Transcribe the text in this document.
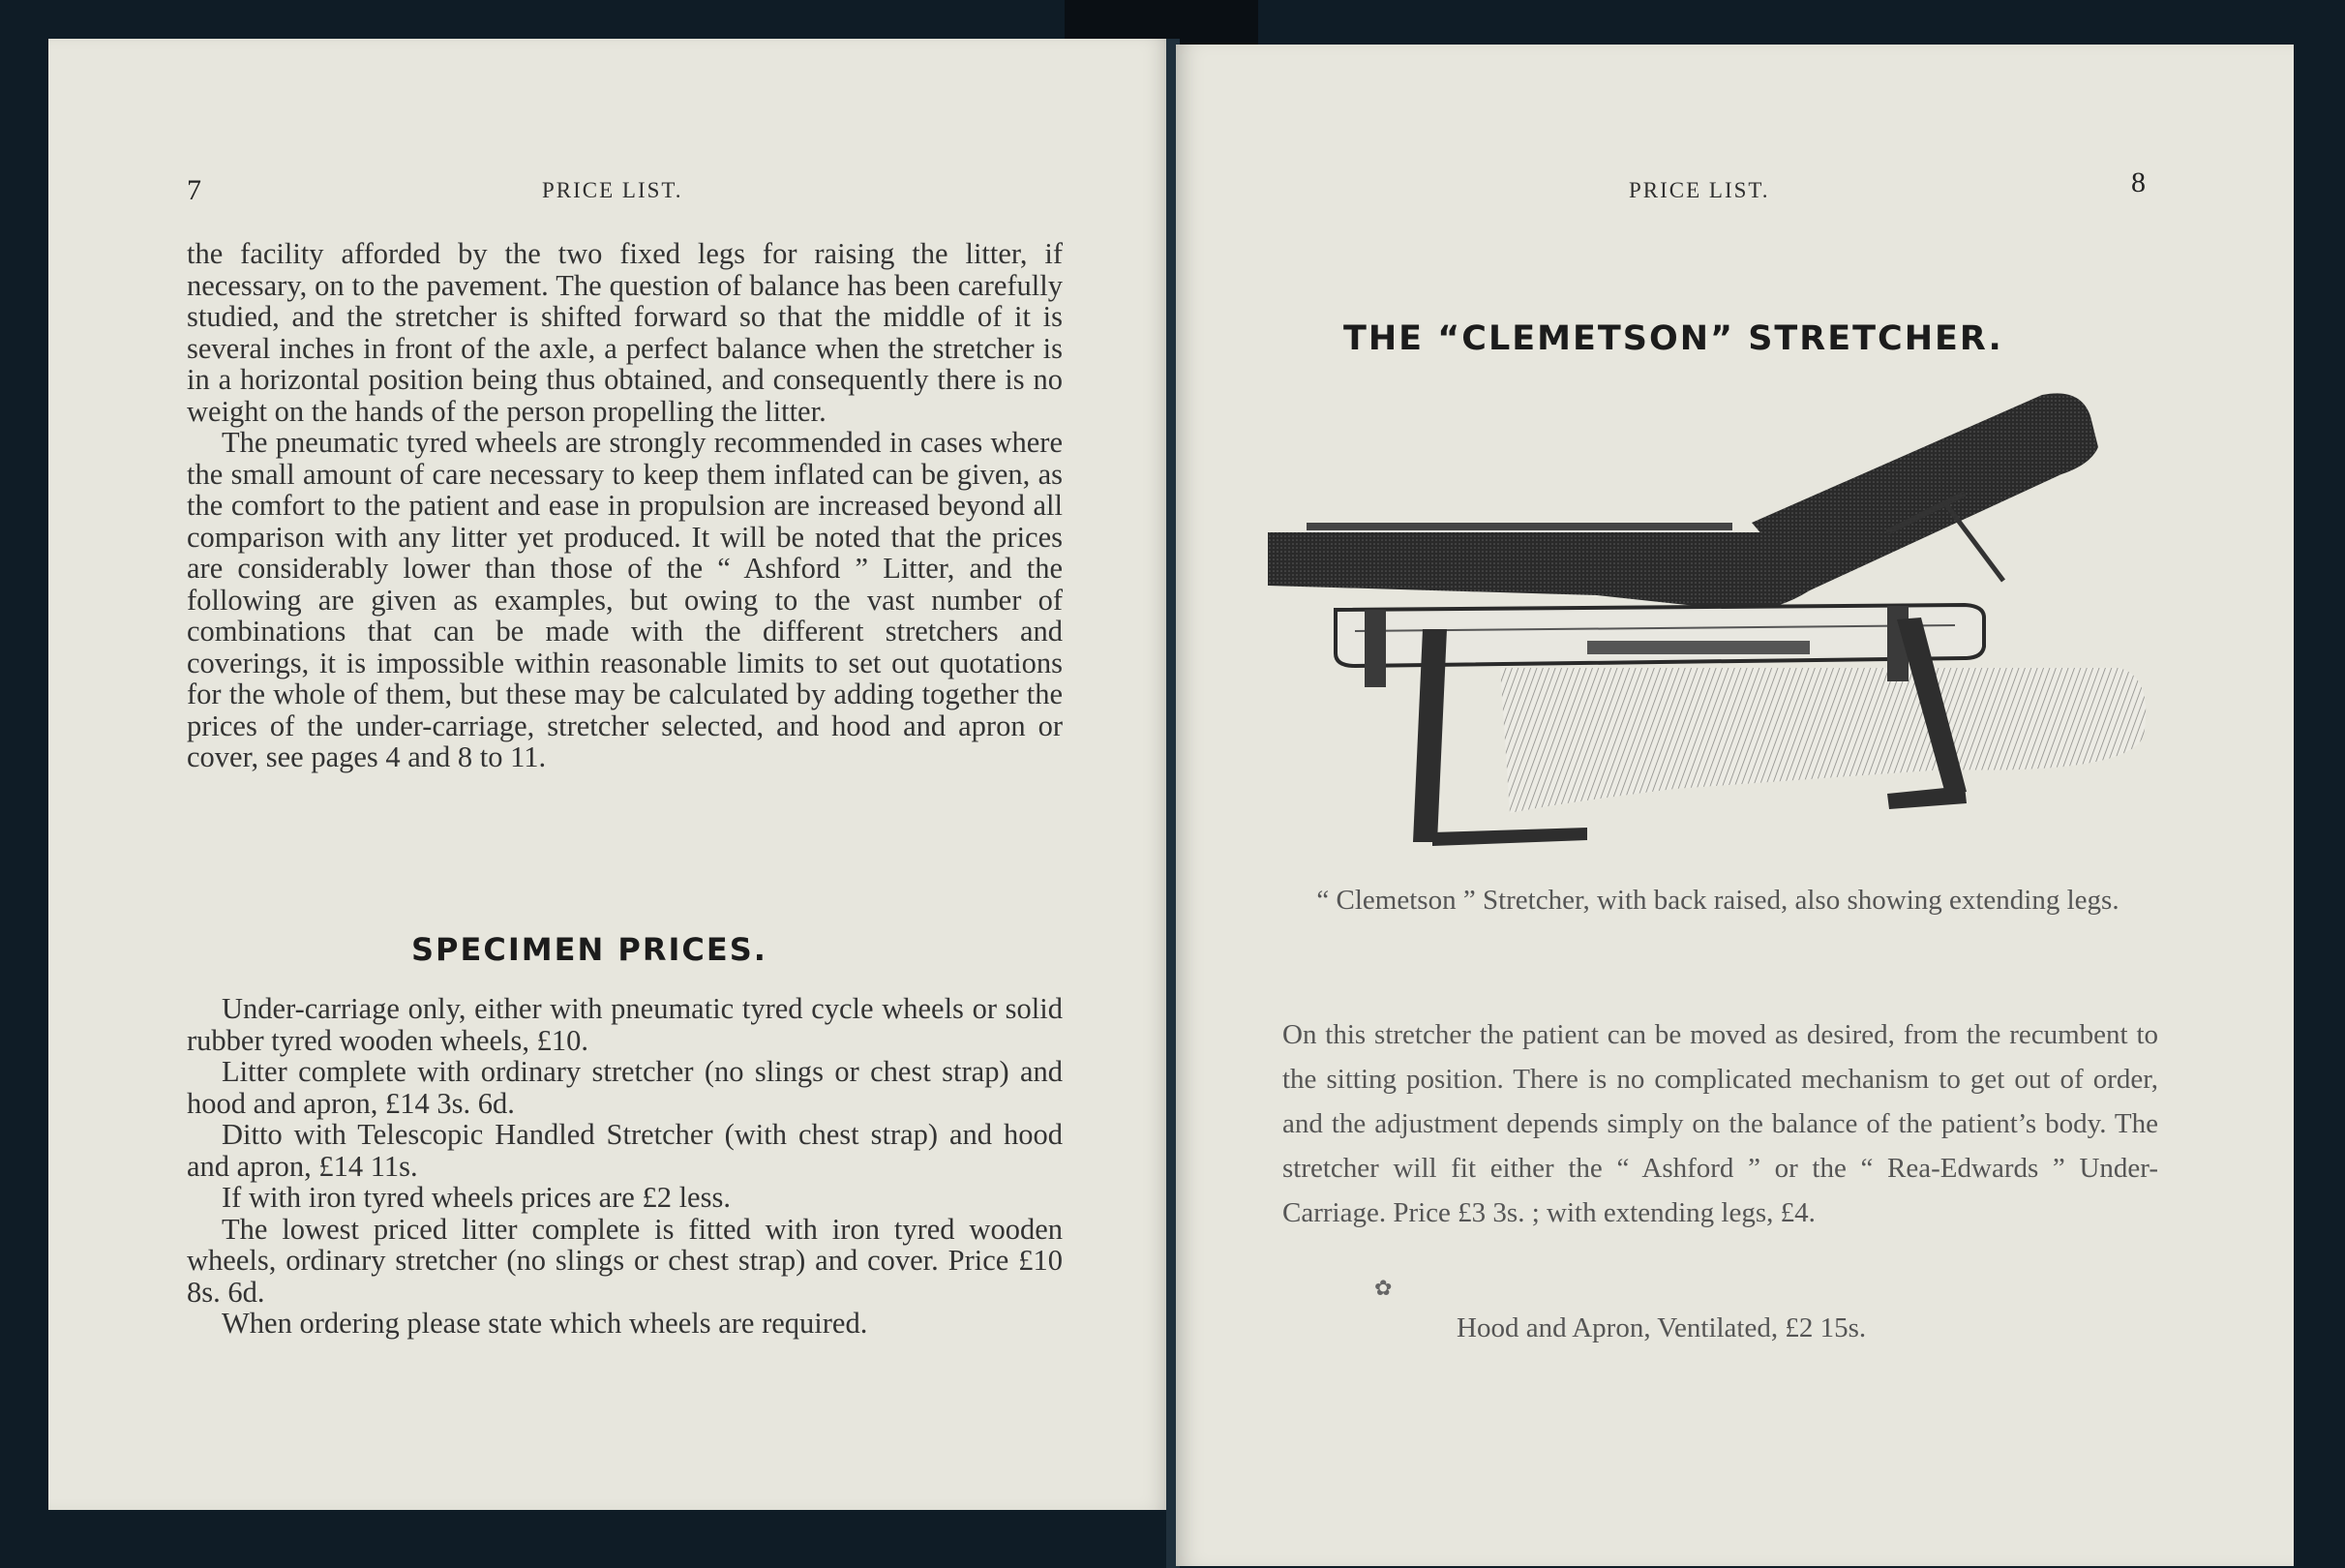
7	PRICE LIST.

the facility afforded by the two fixed legs for raising the litter, if necessary, on to the pavement. The question of balance has been carefully studied, and the stretcher is shifted forward so that the middle of it is several inches in front of the axle, a perfect balance when the stretcher is in a horizontal position being thus obtained, and consequently there is no weight on the hands of the person propelling the litter.

The pneumatic tyred wheels are strongly recommended in cases where the small amount of care necessary to keep them inflated can be given, as the comfort to the patient and ease in propulsion are increased beyond all comparison with any litter yet produced. It will be noted that the prices are considerably lower than those of the “ Ashford ” Litter, and the following are given as examples, but owing to the vast number of combinations that can be made with the different stretchers and coverings, it is impossible within reasonable limits to set out quotations for the whole of them, but these may be calculated by adding together the prices of the under-carriage, stretcher selected, and hood and apron or cover, see pages 4 and 8 to 11.

SPECIMEN PRICES.

Under-carriage only, either with pneumatic tyred cycle wheels or solid rubber tyred wooden wheels, £10.

Litter complete with ordinary stretcher (no slings or chest strap) and hood and apron, £14 3s. 6d.

Ditto with Telescopic Handled Stretcher (with chest strap) and hood and apron, £14 11s.

If with iron tyred wheels prices are £2 less.

The lowest priced litter complete is fitted with iron tyred wooden wheels, ordinary stretcher (no slings or chest strap) and cover. Price £10 8s. 6d.

When ordering please state which wheels are required.

PRICE LIST.	8
THE “CLEMETSON” STRETCHER.
“ Clemetson ” Stretcher, with back raised, also showing extending legs.

On this stretcher the patient can be moved as desired, from the recumbent to the sitting position. There is no complicated mechanism to get out of order, and the adjustment depends simply on the balance of the patient’s body. The stretcher will fit either the “ Ashford ” or the “ Rea-Edwards ” Under-Carriage. Price £3 3s. ; with extending legs, £4.

✿
Hood and Apron, Ventilated, £2 15s.
